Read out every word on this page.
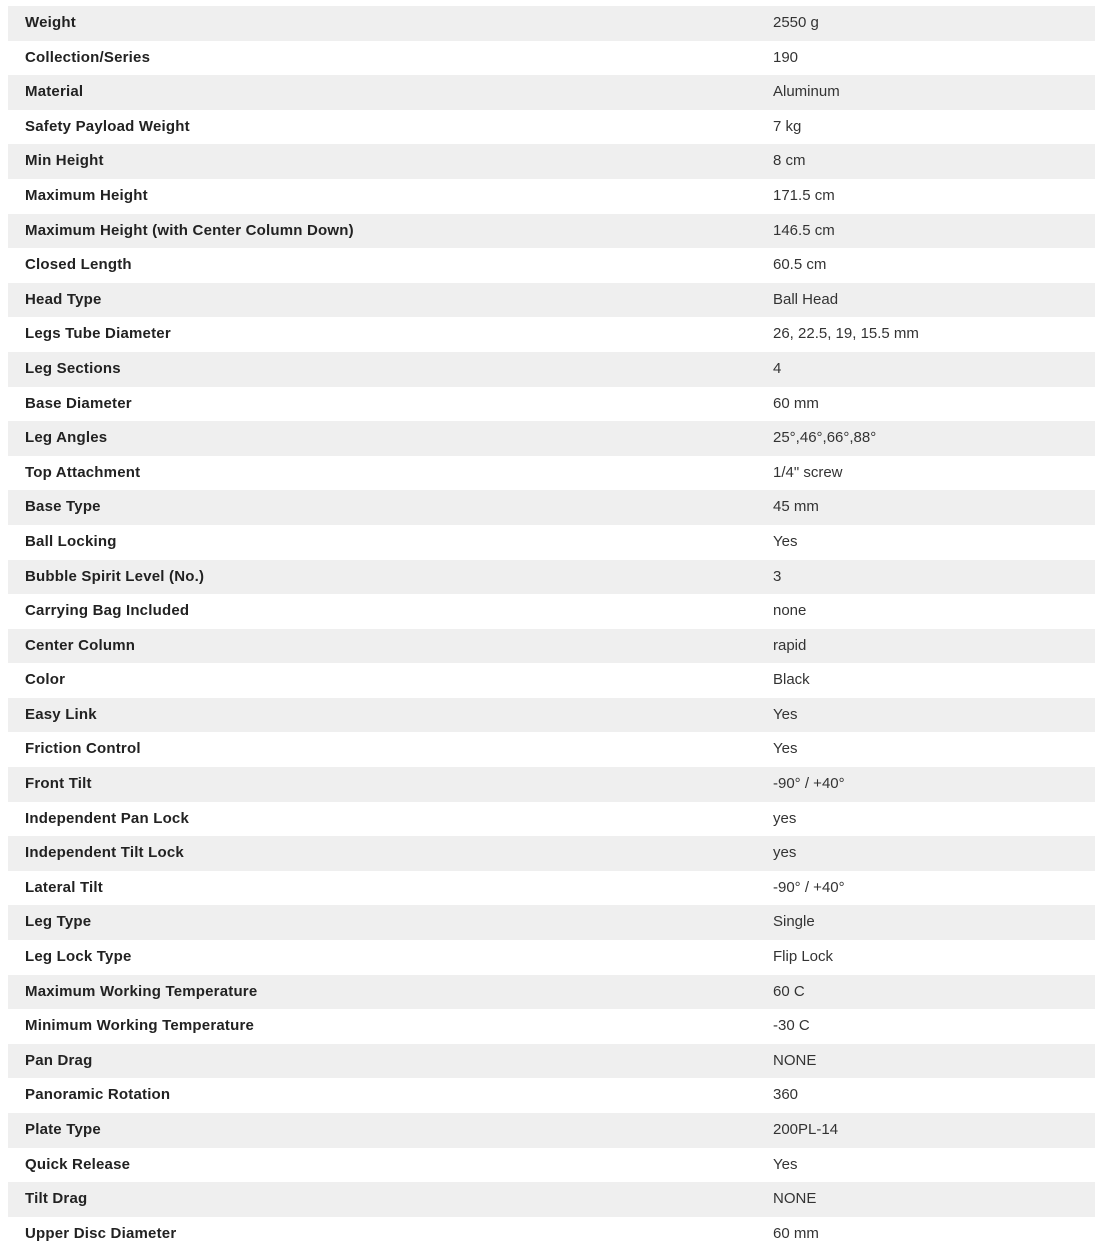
Weight	2550 g
Collection/Series	190
Material	Aluminum
Safety Payload Weight	7 kg
Min Height	8 cm
Maximum Height	171.5 cm
Maximum Height (with Center Column Down)	146.5 cm
Closed Length	60.5 cm
Head Type	Ball Head
Legs Tube Diameter	26, 22.5, 19, 15.5 mm
Leg Sections	4
Base Diameter	60 mm
Leg Angles	25°,46°,66°,88°
Top Attachment	1/4" screw
Base Type	45 mm
Ball Locking	Yes
Bubble Spirit Level (No.)	3
Carrying Bag Included	none
Center Column	rapid
Color	Black
Easy Link	Yes
Friction Control	Yes
Front Tilt	-90° / +40°
Independent Pan Lock	yes
Independent Tilt Lock	yes
Lateral Tilt	-90° / +40°
Leg Type	Single
Leg Lock Type	Flip Lock
Maximum Working Temperature	60 C
Minimum Working Temperature	-30 C
Pan Drag	NONE
Panoramic Rotation	360
Plate Type	200PL-14
Quick Release	Yes
Tilt Drag	NONE
Upper Disc Diameter	60 mm
